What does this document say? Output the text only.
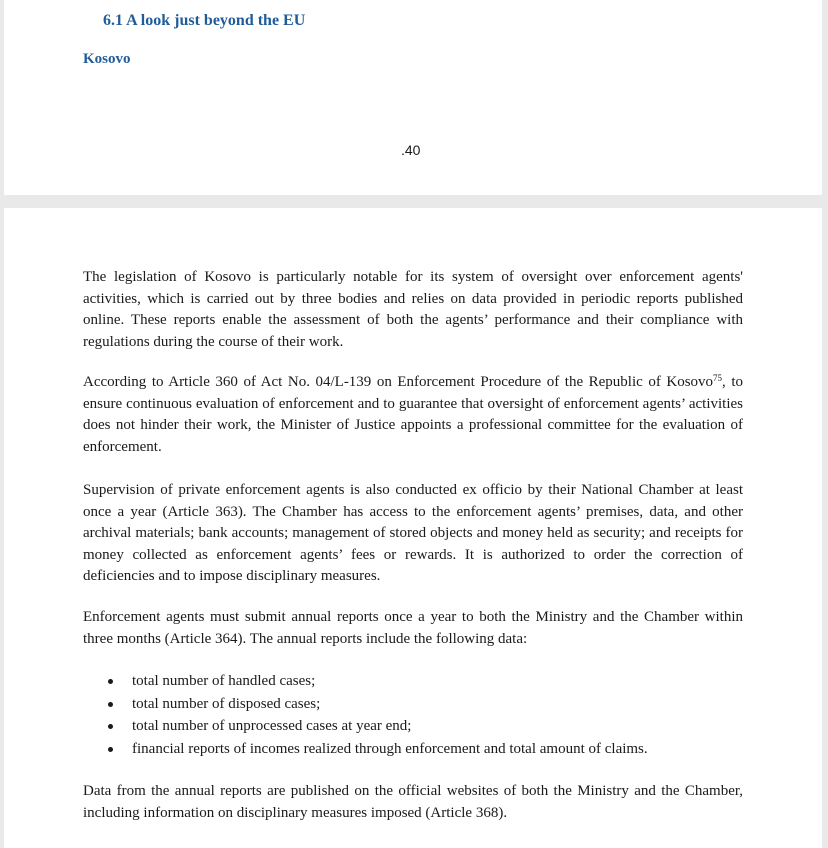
6.1 A look just beyond the EU
Kosovo
.40

The legislation of Kosovo is particularly notable for its system of oversight over enforcement agents' activities, which is carried out by three bodies and relies on data provided in periodic reports published online. These reports enable the assessment of both the agents’ performance and their compliance with regulations during the course of their work.

According to Article 360 of Act No. 04/L-139 on Enforcement Procedure of the Republic of Kosovo$^{75}$, to ensure continuous evaluation of enforcement and to guarantee that oversight of enforcement agents’ activities does not hinder their work, the Minister of Justice appoints a professional committee for the evaluation of enforcement.

Supervision of private enforcement agents is also conducted ex officio by their National Chamber at least once a year (Article 363). The Chamber has access to the enforcement agents’ premises, data, and other archival materials; bank accounts; management of stored objects and money held as security; and receipts for money collected as enforcement agents’ fees or rewards. It is authorized to order the correction of deficiencies and to impose disciplinary measures.

Enforcement agents must submit annual reports once a year to both the Ministry and the Chamber within three months (Article 364). The annual reports include the following data:

total number of handled cases;
total number of disposed cases;
total number of unprocessed cases at year end;
financial reports of incomes realized through enforcement and total amount of claims.

Data from the annual reports are published on the official websites of both the Ministry and the Chamber, including information on disciplinary measures imposed (Article 368).
